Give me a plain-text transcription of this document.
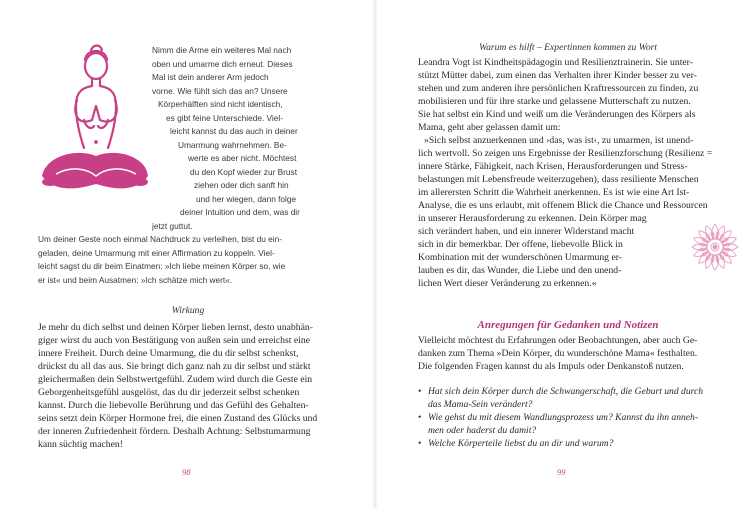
Nimm die Arme ein weiteres Mal nach

oben und umarme dich erneut. Dieses

Mal ist dein anderer Arm jedoch

vorne. Wie fühlt sich das an? Unsere

Körperhälften sind nicht identisch,

es gibt feine Unterschiede. Viel-

leicht kannst du das auch in deiner

Umarmung wahrnehmen. Be-

werte es aber nicht. Möchtest

du den Kopf wieder zur Brust

ziehen oder dich sanft hin

und her wiegen, dann folge

deiner Intuition und dem, was dir

jetzt guttut.

Um deiner Geste noch einmal Nachdruck zu verleihen, bist du ein-

geladen, deine Umarmung mit einer Affirmation zu koppeln. Viel-

leicht sagst du dir beim Einatmen: »Ich liebe meinen Körper so, wie

er ist« und beim Ausatmen: »Ich schätze mich wert«.

Wirkung

Je mehr du dich selbst und deinen Körper lieben lernst, desto unabhän-

giger wirst du auch von Bestätigung von außen sein und erreichst eine

innere Freiheit. Durch deine Umarmung, die du dir selbst schenkst,

drückst du all das aus. Sie bringt dich ganz nah zu dir selbst und stärkt

gleichermaßen dein Selbstwertgefühl. Zudem wird durch die Geste ein

Geborgenheitsgefühl ausgelöst, das du dir jederzeit selbst schenken

kannst. Durch die liebevolle Berührung und das Gefühl des Gehalten-

seins setzt dein Körper Hormone frei, die einen Zustand des Glücks und

der inneren Zufriedenheit fördern. Deshalb Achtung: Selbstumarmung

kann süchtig machen!

98
Warum es hilft – Expertinnen kommen zu Wort

Leandra Vogt ist Kindheitspädagogin und Resilienztrainerin. Sie unter-

stützt Mütter dabei, zum einen das Verhalten ihrer Kinder besser zu ver-

stehen und zum anderen ihre persönlichen Kraftressourcen zu finden, zu

mobilisieren und für ihre starke und gelassene Mutterschaft zu nutzen.

Sie hat selbst ein Kind und weiß um die Veränderungen des Körpers als

Mama, geht aber gelassen damit um:

»Sich selbst anzuerkennen und ›das, was ist‹, zu umarmen, ist unend-

lich wertvoll. So zeigen uns Ergebnisse der Resilienzforschung (Resilienz =

innere Stärke, Fähigkeit, nach Krisen, Herausforderungen und Stress-

belastungen mit Lebensfreude weiterzugehen), dass resiliente Menschen

im allerersten Schritt die Wahrheit anerkennen. Es ist wie eine Art Ist-

Analyse, die es uns erlaubt, mit offenem Blick die Chance und Ressourcen

in unserer Herausforderung zu erkennen. Dein Körper mag

sich verändert haben, und ein innerer Widerstand macht

sich in dir bemerkbar. Der offene, liebevolle Blick in

Kombination mit der wunderschönen Umarmung er-

lauben es dir, das Wunder, die Liebe und den unend-

lichen Wert dieser Veränderung zu erkennen.«

Anregungen für Gedanken und Notizen

Vielleicht möchtest du Erfahrungen oder Beobachtungen, aber auch Ge-

danken zum Thema »Dein Körper, du wunderschöne Mama« festhalten.

Die folgenden Fragen kannst du als Impuls oder Denkanstoß nutzen.

• Hat sich dein Körper durch die Schwangerschaft, die Geburt und durch
das Mama-Sein verändert?
• Wie gehst du mit diesem Wandlungsprozess um? Kannst du ihn anneh-
men oder haderst du damit?
• Welche Körperteile liebst du an dir und warum?
99
